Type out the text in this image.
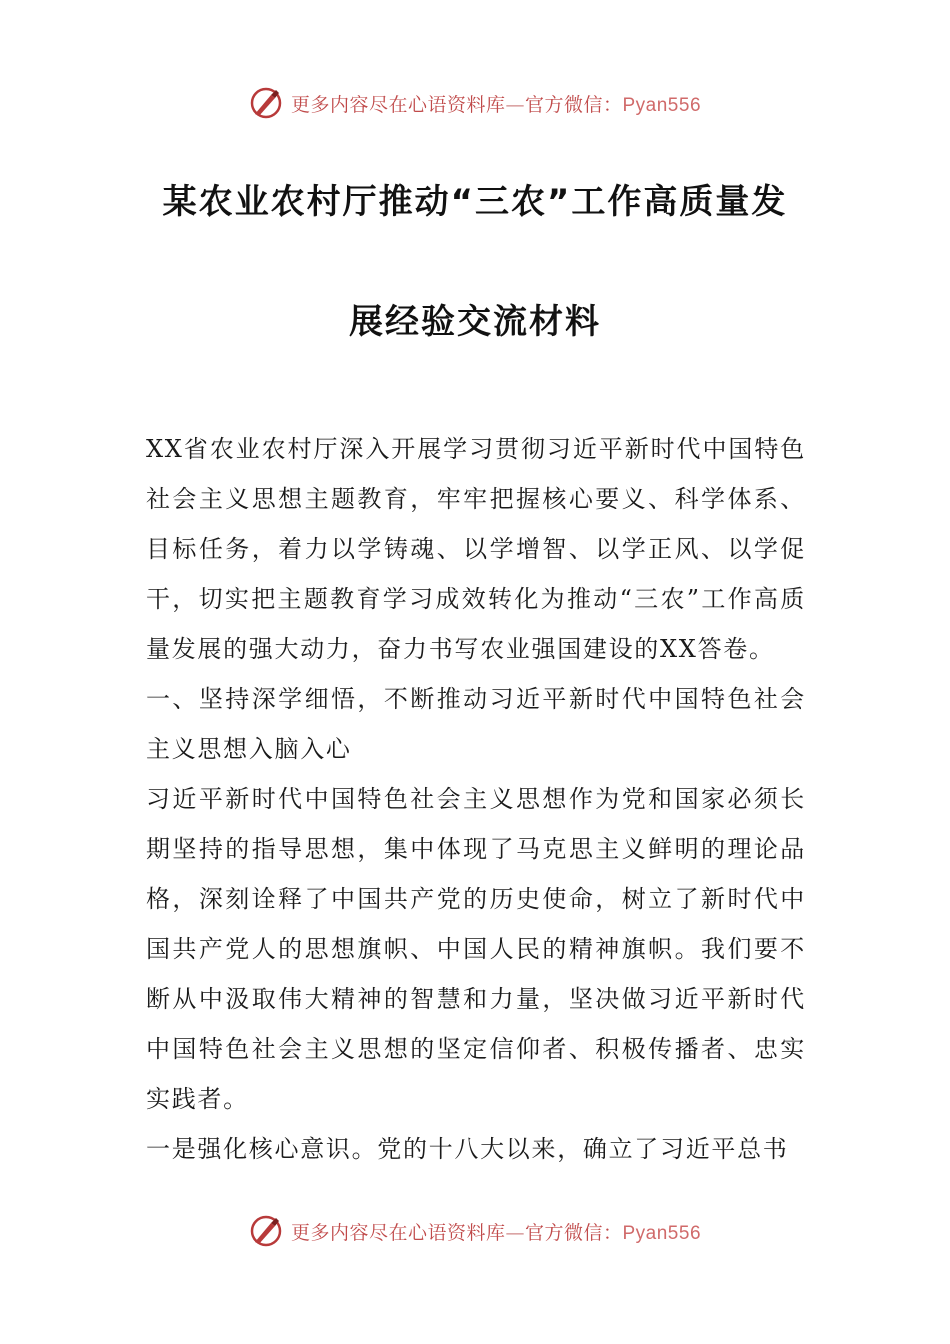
更多内容尽在心语资料库—官方微信：Pyan556
某农业农村厅推动“三农”工作高质量发
展经验交流材料

XX省农业农村厅深入开展学习贯彻习近平新时代中国特色社会主义思想主题教育，牢牢把握核心要义、科学体系、目标任务，着力以学铸魂、以学增智、以学正风、以学促干，切实把主题教育学习成效转化为推动“三农”工作高质量发展的强大动力，奋力书写农业强国建设的XX答卷。

一、坚持深学细悟，不断推动习近平新时代中国特色社会主义思想入脑入心

习近平新时代中国特色社会主义思想作为党和国家必须长期坚持的指导思想，集中体现了马克思主义鲜明的理论品格，深刻诠释了中国共产党的历史使命，树立了新时代中国共产党人的思想旗帜、中国人民的精神旗帜。我们要不断从中汲取伟大精神的智慧和力量，坚决做习近平新时代中国特色社会主义思想的坚定信仰者、积极传播者、忠实实践者。

一是强化核心意识。党的十八大以来，确立了习近平总书

更多内容尽在心语资料库—官方微信：Pyan556
